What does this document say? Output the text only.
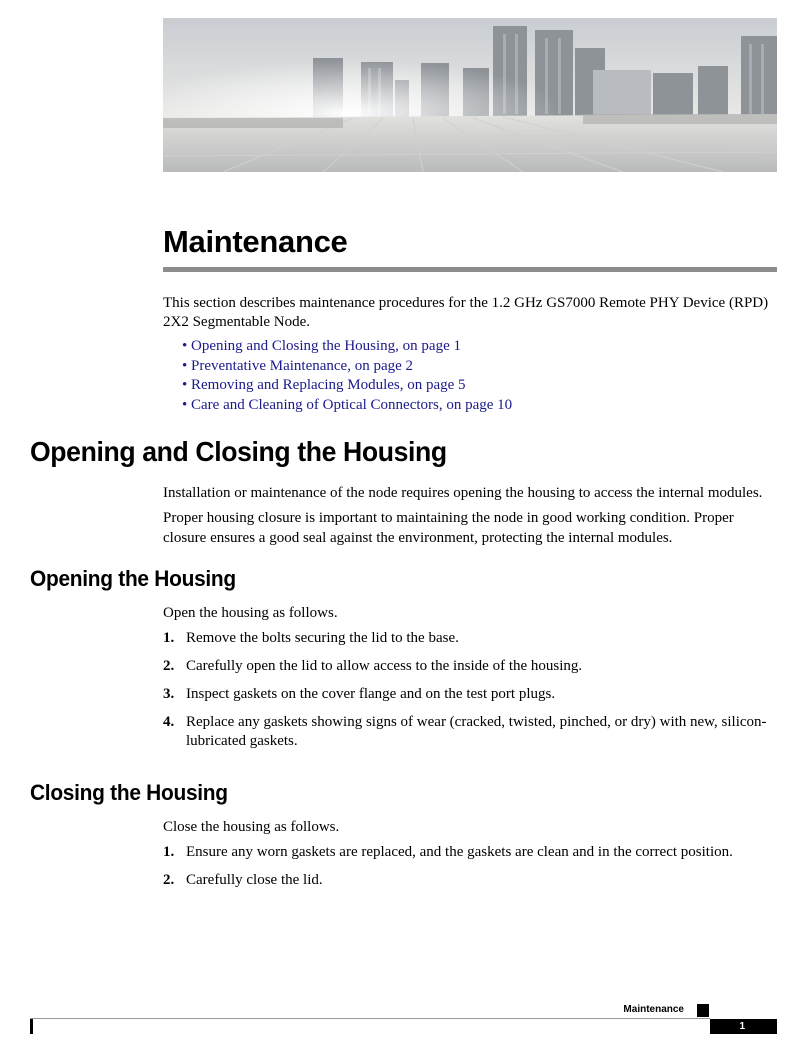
Maintenance

This section describes maintenance procedures for the 1.2 GHz GS7000 Remote PHY Device (RPD) 2X2 Segmentable Node.

• Opening and Closing the Housing, on page 1
• Preventative Maintenance, on page 2
• Removing and Replacing Modules, on page 5
• Care and Cleaning of Optical Connectors, on page 10
Opening and Closing the Housing

Installation or maintenance of the node requires opening the housing to access the internal modules.

Proper housing closure is important to maintaining the node in good working condition. Proper closure ensures a good seal against the environment, protecting the internal modules.

Opening the Housing

Open the housing as follows.

1. Remove the bolts securing the lid to the base.
2. Carefully open the lid to allow access to the inside of the housing.
3. Inspect gaskets on the cover flange and on the test port plugs.
4. Replace any gaskets showing signs of wear (cracked, twisted, pinched, or dry) with new, silicon-lubricated gaskets.
Closing the Housing

Close the housing as follows.

1. Ensure any worn gaskets are replaced, and the gaskets are clean and in the correct position.
2. Carefully close the lid.
Maintenance
1
